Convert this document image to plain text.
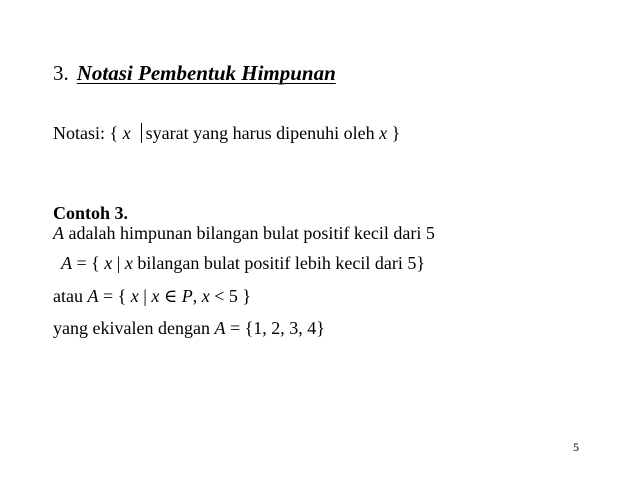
3. Notasi Pembentuk Himpunan
Notasi: { x syarat yang harus dipenuhi oleh x }
Contoh 3.
A adalah himpunan bilangan bulat positif kecil dari 5
A = { x | x bilangan bulat positif lebih kecil dari 5}
atau A = { x | x ∈ P, x < 5 }
yang ekivalen dengan A = {1, 2, 3, 4}
5
